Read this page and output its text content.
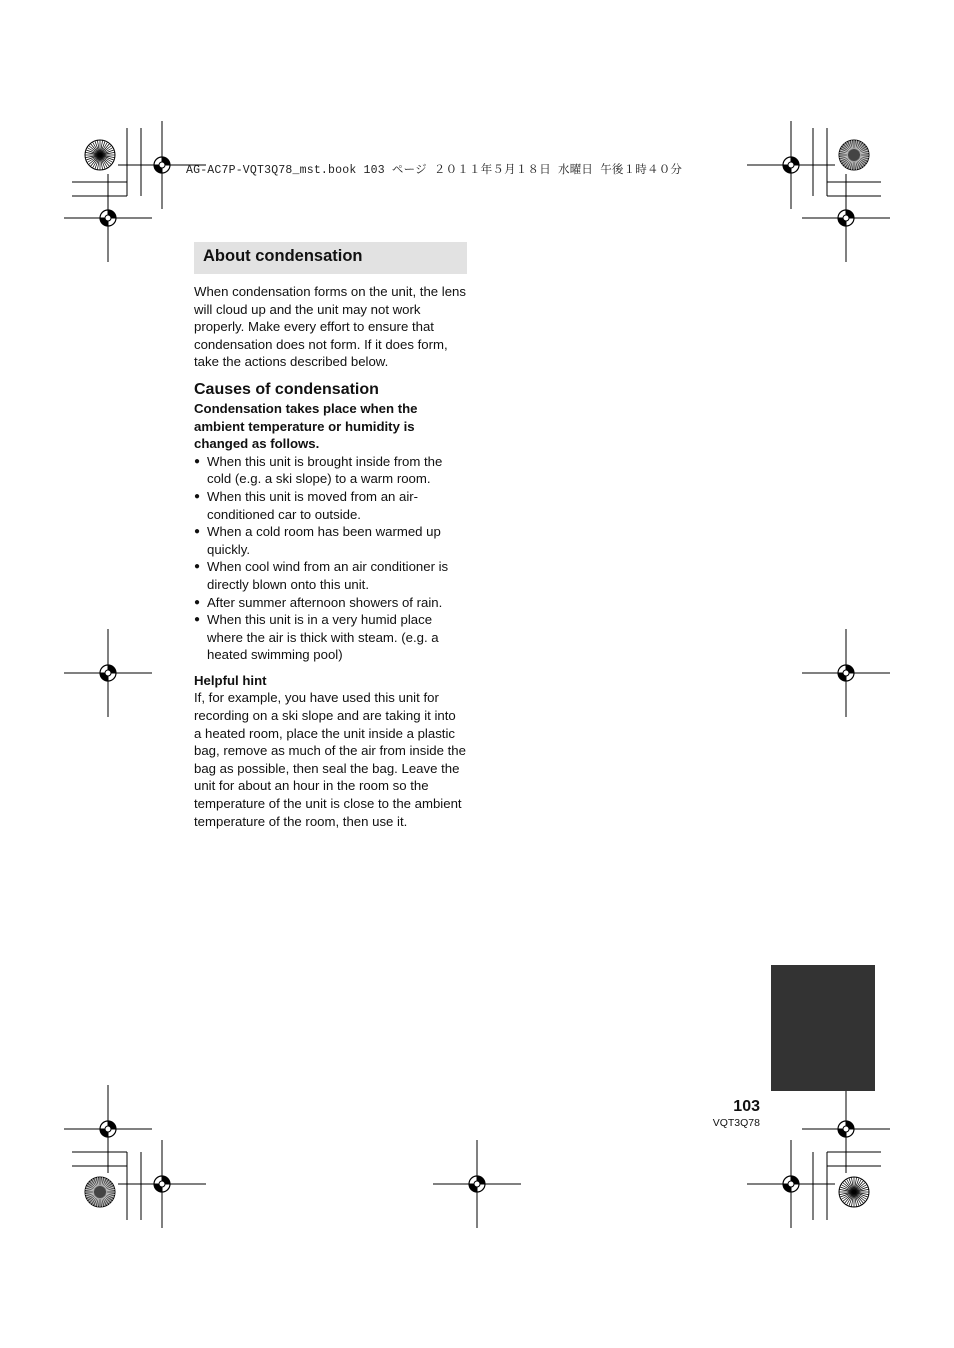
AG-AC7P-VQT3Q78_mst.book 103 ページ ２０１１年５月１８日 水曜日 午後１時４０分
About condensation

When condensation forms on the unit, the lens will cloud up and the unit may not work properly. Make every effort to ensure that condensation does not form. If it does form, take the actions described below.

Causes of condensation

Condensation takes place when the ambient temperature or humidity is changed as follows.

● When this unit is brought inside from the cold (e.g. a ski slope) to a warm room.
● When this unit is moved from an air-conditioned car to outside.
● When a cold room has been warmed up quickly.
● When cool wind from an air conditioner is directly blown onto this unit.
● After summer afternoon showers of rain.
● When this unit is in a very humid place where the air is thick with steam. (e.g. a heated swimming pool)

Helpful hint

If, for example, you have used this unit for recording on a ski slope and are taking it into a heated room, place the unit inside a plastic bag, remove as much of the air from inside the bag as possible, then seal the bag. Leave the unit for about an hour in the room so the temperature of the unit is close to the ambient temperature of the room, then use it.

103
VQT3Q78
